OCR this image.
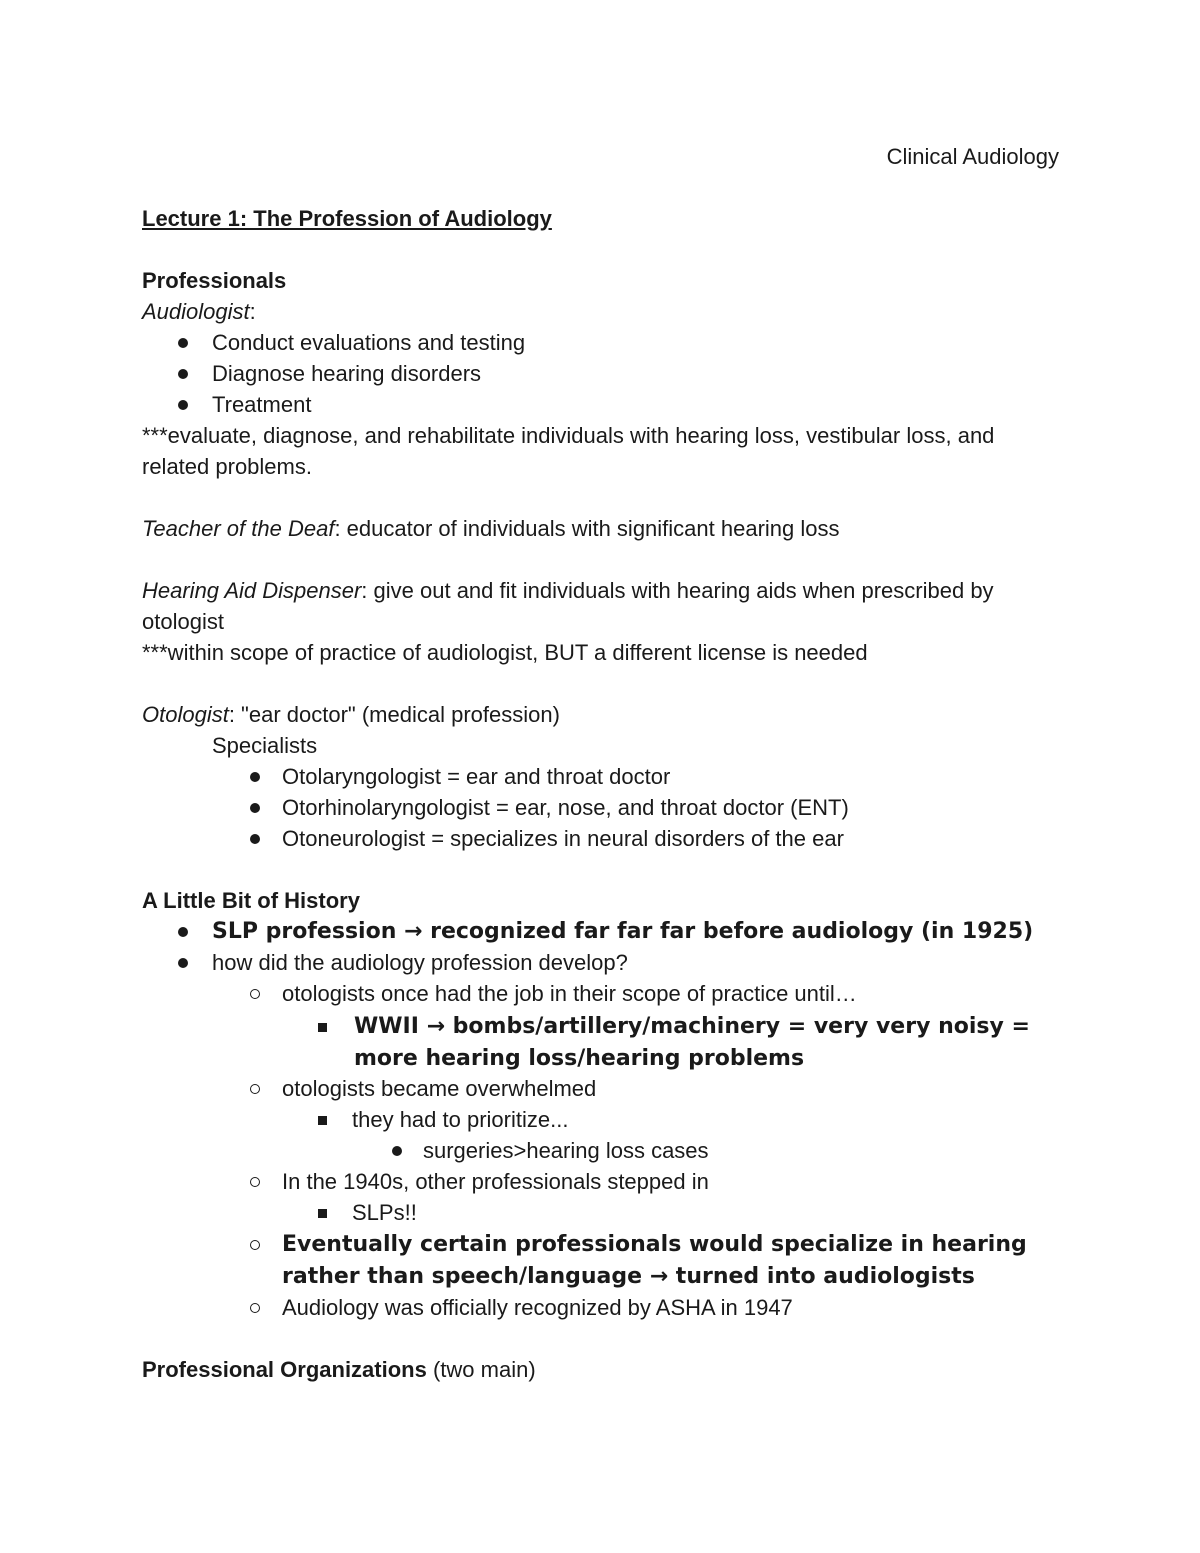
Clinical Audiology
Lecture 1: The Profession of Audiology
Professionals
Audiologist:
Conduct evaluations and testing
Diagnose hearing disorders
Treatment
***evaluate, diagnose, and rehabilitate individuals with hearing loss, vestibular loss, and
related problems.
Teacher of the Deaf: educator of individuals with significant hearing loss
Hearing Aid Dispenser: give out and fit individuals with hearing aids when prescribed by
otologist
***within scope of practice of audiologist, BUT a different license is needed
Otologist: "ear doctor" (medical profession)
Specialists
Otolaryngologist = ear and throat doctor
Otorhinolaryngologist = ear, nose, and throat doctor (ENT)
Otoneurologist = specializes in neural disorders of the ear
A Little Bit of History
SLP profession → recognized far far far before audiology (in 1925)
how did the audiology profession develop?
otologists once had the job in their scope of practice until…
WWII → bombs/artillery/machinery = very very noisy =
more hearing loss/hearing problems
otologists became overwhelmed
they had to prioritize...
surgeries>hearing loss cases
In the 1940s, other professionals stepped in
SLPs!!
Eventually certain professionals would specialize in hearing
rather than speech/language → turned into audiologists
Audiology was officially recognized by ASHA in 1947
Professional Organizations (two main)
